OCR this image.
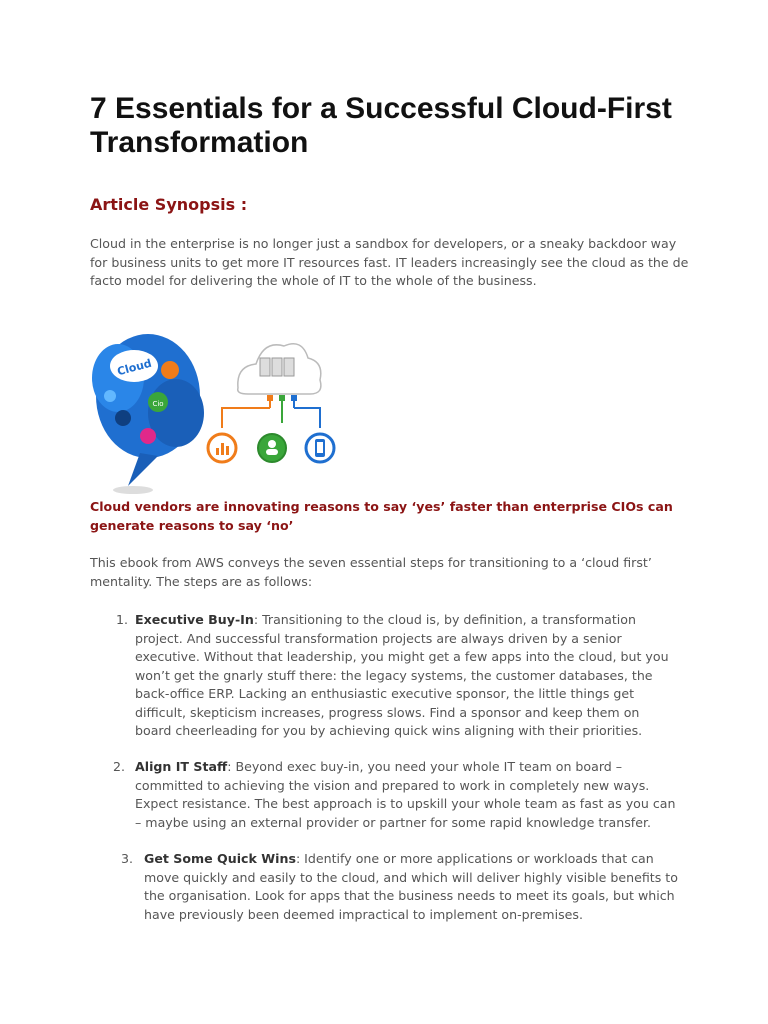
7 Essentials for a Successful Cloud-First Transformation
Article Synopsis :

Cloud in the enterprise is no longer just a sandbox for developers, or a sneaky backdoor way for business units to get more IT resources fast. IT leaders increasingly see the cloud as the de facto model for delivering the whole of IT to the whole of the business.

Cloud
Cio

Cloud vendors are innovating reasons to say ‘yes’ faster than enterprise CIOs can generate reasons to say ‘no’

This ebook from AWS conveys the seven essential steps for transitioning to a ‘cloud first’ mentality. The steps are as follows:

1. Executive Buy-In: Transitioning to the cloud is, by definition, a transformation project. And successful transformation projects are always driven by a senior executive. Without that leadership, you might get a few apps into the cloud, but you won’t get the gnarly stuff there: the legacy systems, the customer databases, the back-office ERP. Lacking an enthusiastic executive sponsor, the little things get difficult, skepticism increases, progress slows. Find a sponsor and keep them on board cheerleading for you by achieving quick wins aligning with their priorities.
2. Align IT Staff: Beyond exec buy-in, you need your whole IT team on board – committed to achieving the vision and prepared to work in completely new ways. Expect resistance. The best approach is to upskill your whole team as fast as you can – maybe using an external provider or partner for some rapid knowledge transfer.
3. Get Some Quick Wins: Identify one or more applications or workloads that can move quickly and easily to the cloud, and which will deliver highly visible benefits to the organisation. Look for apps that the business needs to meet its goals, but which have previously been deemed impractical to implement on-premises.
